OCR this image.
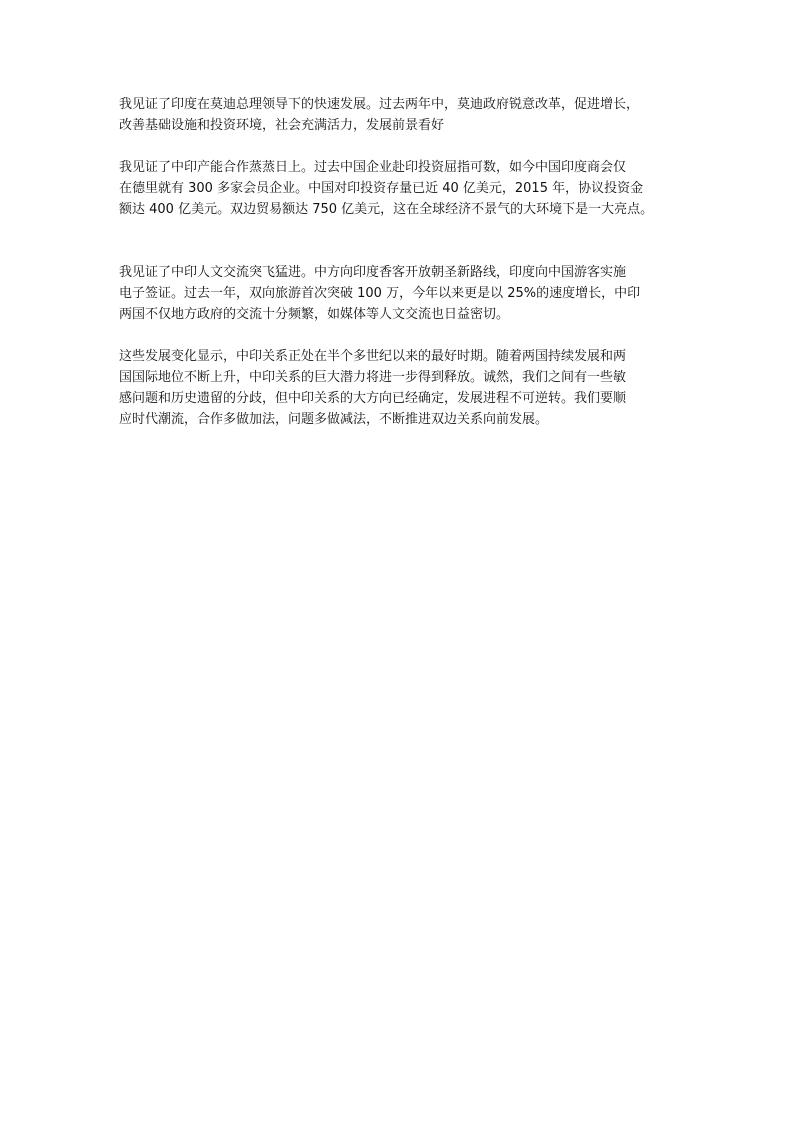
我见证了印度在莫迪总理领导下的快速发展。过去两年中，莫迪政府锐意改革，促进增长，
改善基础设施和投资环境，社会充满活力，发展前景看好

我见证了中印产能合作蒸蒸日上。过去中国企业赴印投资屈指可数，如今中国印度商会仅
在德里就有 300 多家会员企业。中国对印投资存量已近 40 亿美元，2015 年，协议投资金
额达 400 亿美元。双边贸易额达 750 亿美元，这在全球经济不景气的大环境下是一大亮点。

我见证了中印人文交流突飞猛进。中方向印度香客开放朝圣新路线，印度向中国游客实施
电子签证。过去一年，双向旅游首次突破 100 万，今年以来更是以 25%的速度增长，中印
两国不仅地方政府的交流十分频繁，如媒体等人文交流也日益密切。

这些发展变化显示，中印关系正处在半个多世纪以来的最好时期。随着两国持续发展和两
国国际地位不断上升，中印关系的巨大潜力将进一步得到释放。诚然，我们之间有一些敏
感问题和历史遗留的分歧，但中印关系的大方向已经确定，发展进程不可逆转。我们要顺
应时代潮流，合作多做加法，问题多做减法，不断推进双边关系向前发展。
